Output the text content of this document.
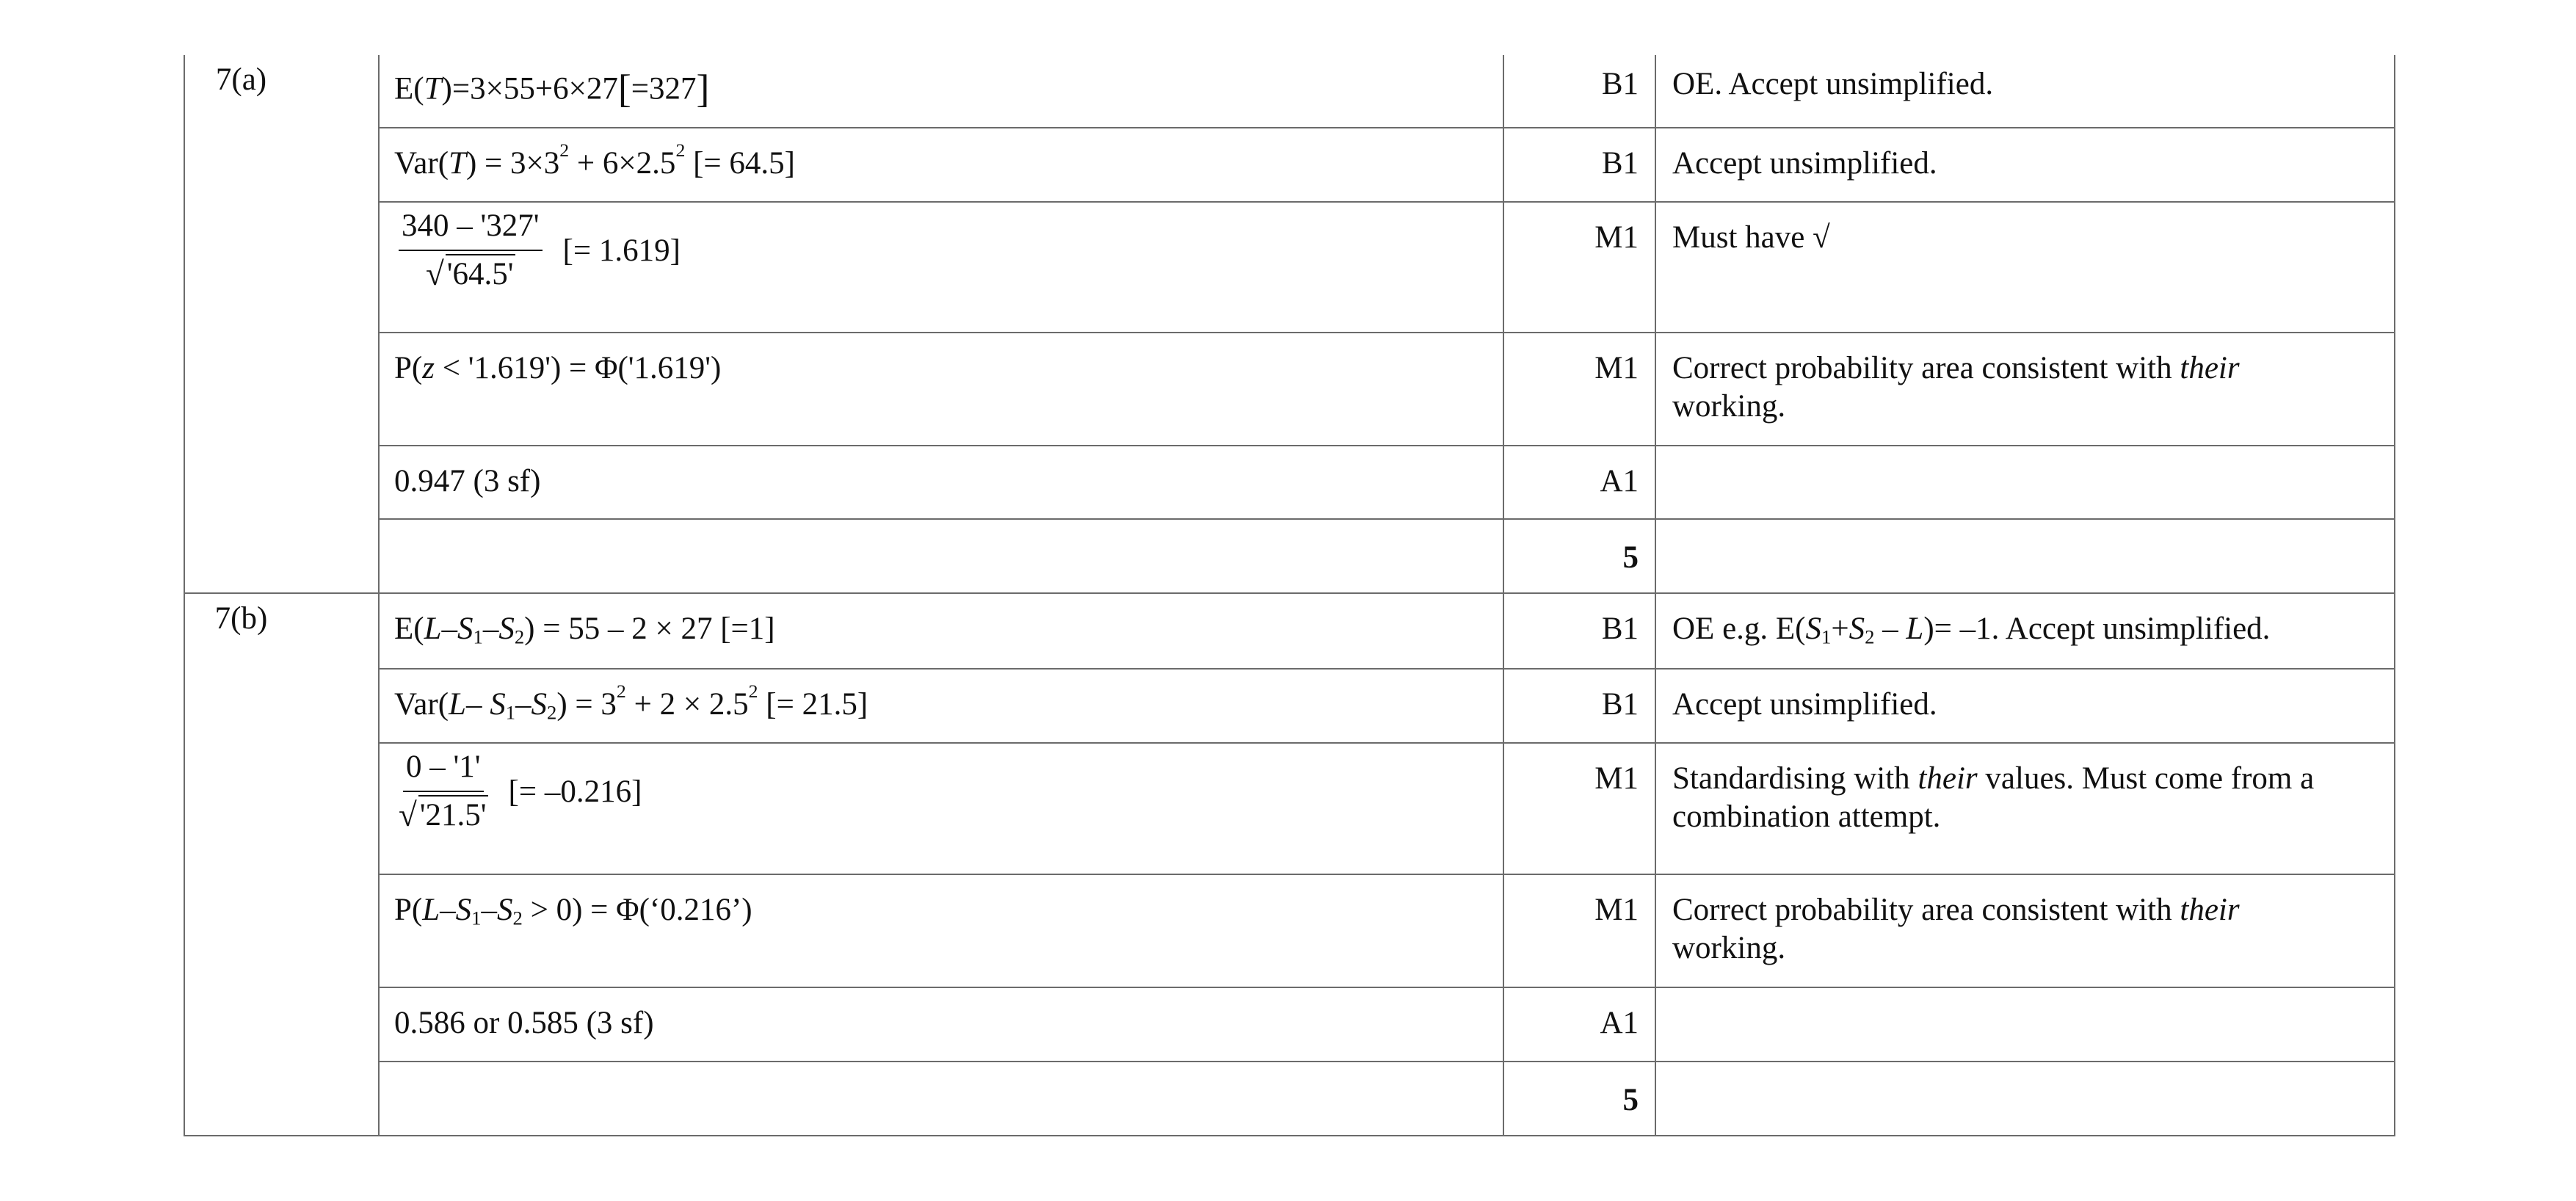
7(a)	E(T)=3×55+6×27[=327]	B1	OE. Accept unsimplified.

	$Var(T) = 3\times 3^2 + 6\times 2.5^2$ [= 64.5]	B1	Accept unsimplified.

	$\frac{340 - '327'}{√ '64.5'}$ [= 1.619]	M1	Must have √

	P(z < '1.619') = Φ('1.619')	M1	Correct probability area consistent with their
working.

	0.947 (3 sf)	A1	

		5	

7(b)	$E(L-S_1-S_2) = 55 - 2 \times 27$ [=1]	B1	OE e.g. $E(S_1+S_2 - L)= -1$. Accept unsimplified.

	Var(L– $S_1-S_2) = 3^2 + 2 \times 2.5^2$ [= 21.5]	B1	Accept unsimplified.

	$\frac{0 - '1'}{√ '21.5'}$ [= –0.216]	M1	Standardising with their values. Must come from a combination attempt.

	$P(L-S_1-S_2 > 0)$ = Φ(‘0.216’)	M1	Correct probability area consistent with their
working.

	0.586 or 0.585 (3 sf)	A1	

		5	
